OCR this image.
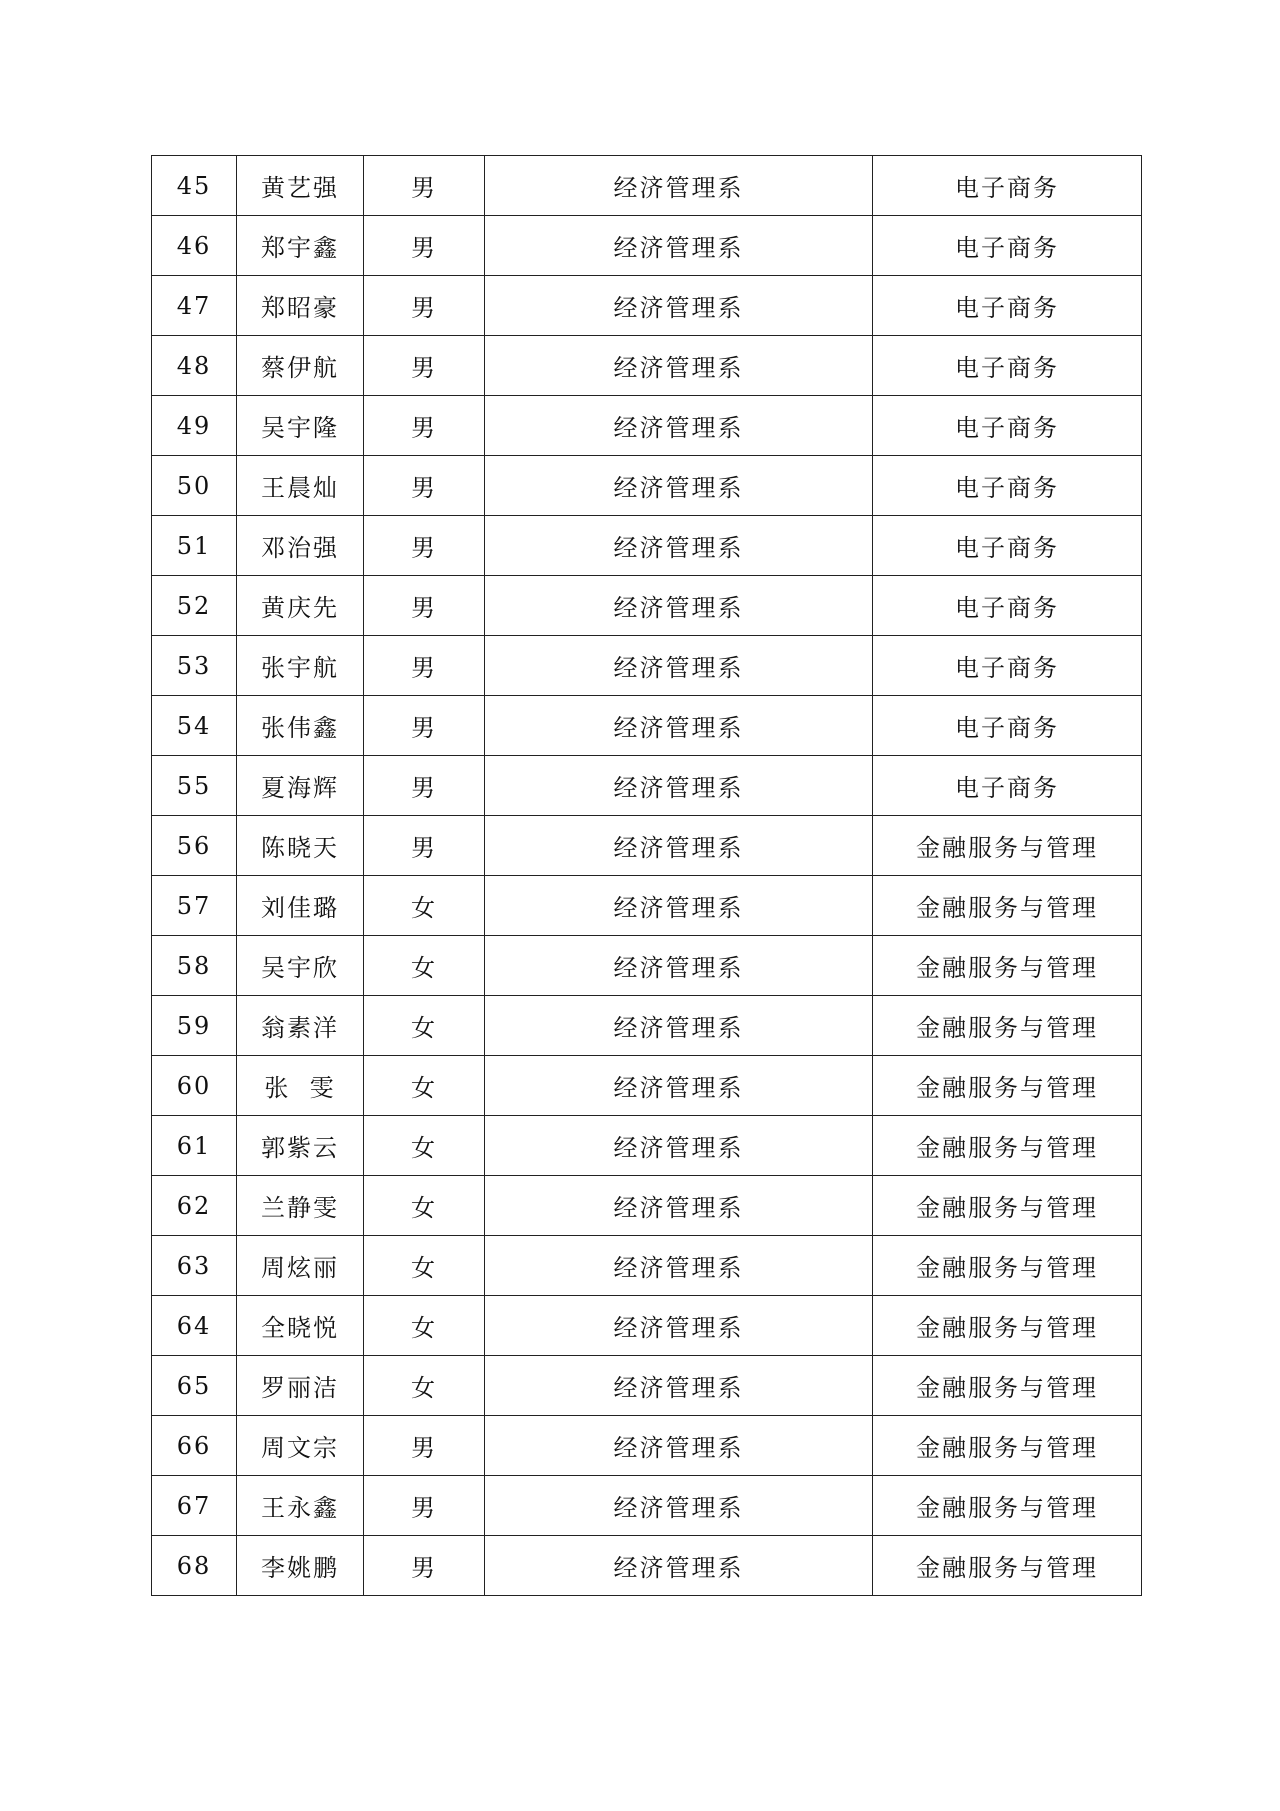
45	黄艺强	男	经济管理系	电子商务
46	郑宇鑫	男	经济管理系	电子商务
47	郑昭豪	男	经济管理系	电子商务
48	蔡伊航	男	经济管理系	电子商务
49	吴宇隆	男	经济管理系	电子商务
50	王晨灿	男	经济管理系	电子商务
51	邓治强	男	经济管理系	电子商务
52	黄庆先	男	经济管理系	电子商务
53	张宇航	男	经济管理系	电子商务
54	张伟鑫	男	经济管理系	电子商务
55	夏海辉	男	经济管理系	电子商务
56	陈晓天	男	经济管理系	金融服务与管理
57	刘佳璐	女	经济管理系	金融服务与管理
58	吴宇欣	女	经济管理系	金融服务与管理
59	翁素洋	女	经济管理系	金融服务与管理
60	张  雯	女	经济管理系	金融服务与管理
61	郭紫云	女	经济管理系	金融服务与管理
62	兰静雯	女	经济管理系	金融服务与管理
63	周炫丽	女	经济管理系	金融服务与管理
64	全晓悦	女	经济管理系	金融服务与管理
65	罗丽洁	女	经济管理系	金融服务与管理
66	周文宗	男	经济管理系	金融服务与管理
67	王永鑫	男	经济管理系	金融服务与管理
68	李姚鹏	男	经济管理系	金融服务与管理
